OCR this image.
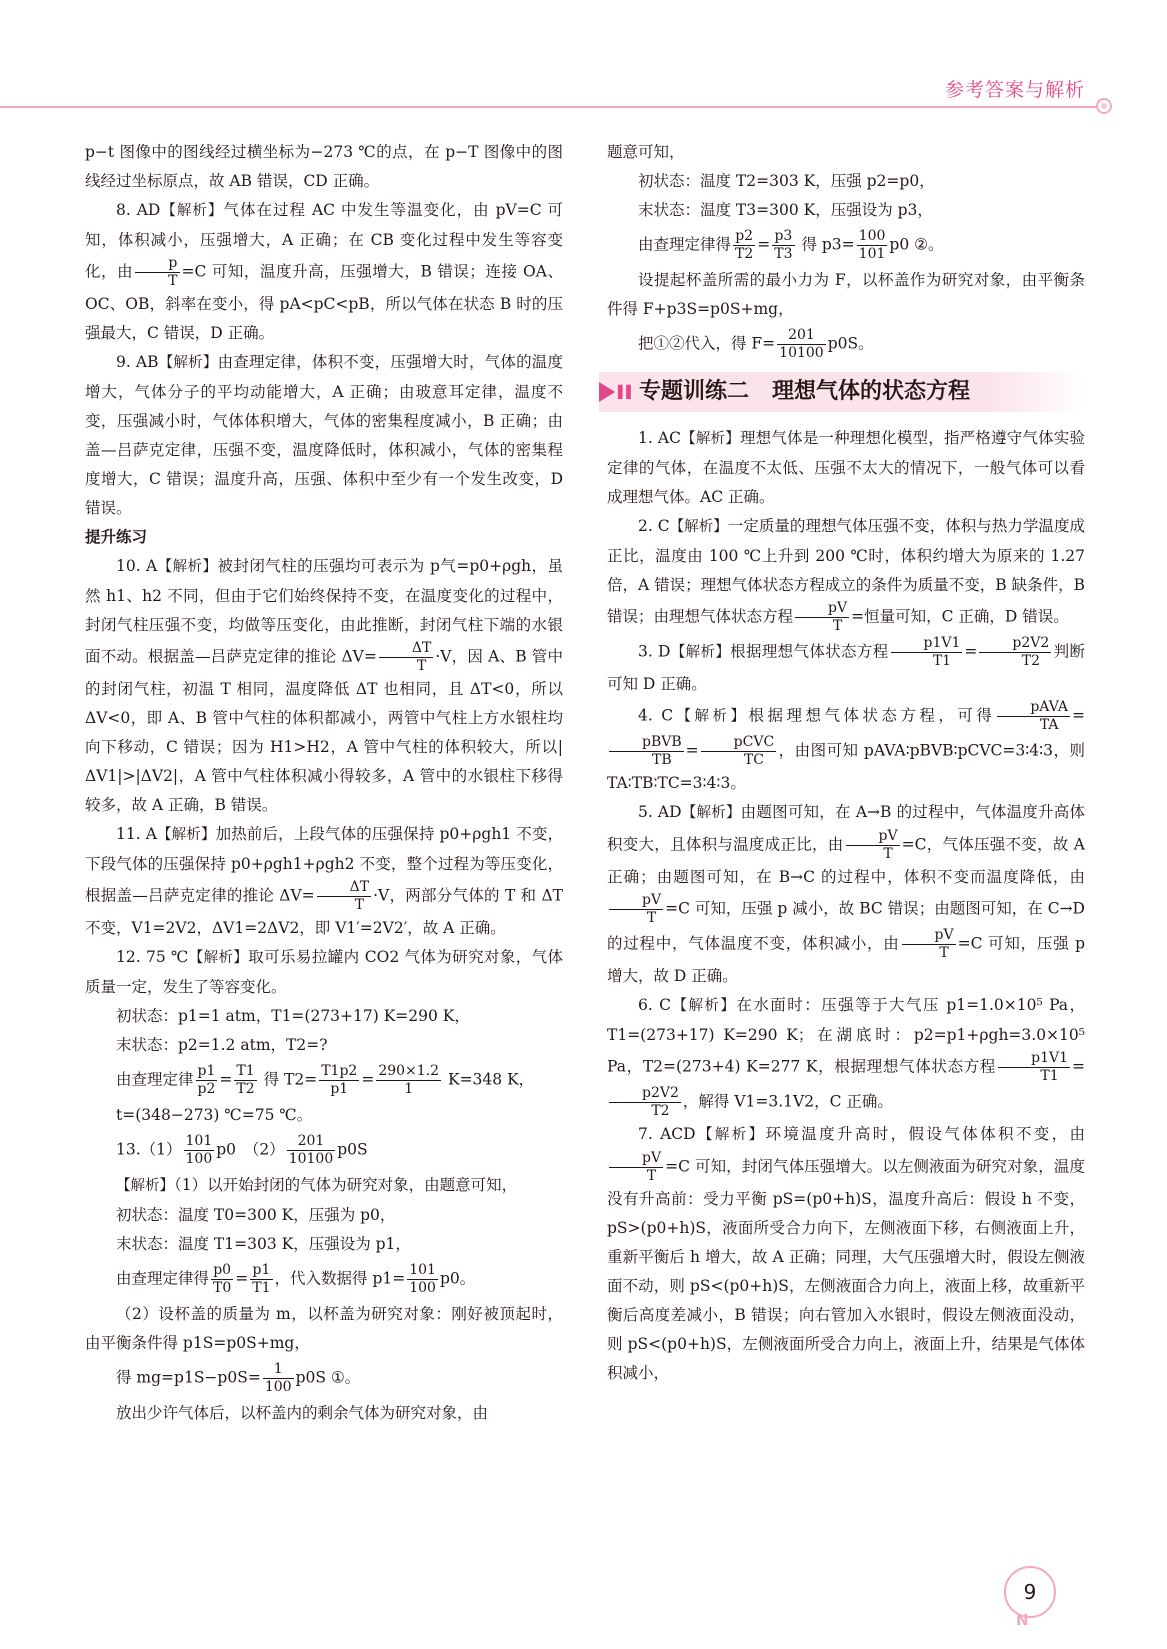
参考答案与解析

p−t 图像中的图线经过横坐标为−273 ℃的点，在 p−T 图像中的图线经过坐标原点，故 AB 错误，CD 正确。

8. AD【解析】气体在过程 AC 中发生等温变化，由 pV=C 可知，体积减小，压强增大，A 正确；在 CB 变化过程中发生等容变化，由 $\frac{p}{T} =C$ 可知，温度升高，压强增大，B 错误；连接 OA、OC、OB，斜率在变小，得 pA<pC<pB，所以气体在状态 B 时的压强最大，C 错误，D 正确。

9. AB【解析】由查理定律，体积不变，压强增大时，气体的温度增大，气体分子的平均动能增大，A 正确；由玻意耳定律，温度不变，压强减小时，气体体积增大，气体的密集程度减小，B 正确；由盖—吕萨克定律，压强不变，温度降低时，体积减小，气体的密集程度增大，C 错误；温度升高，压强、体积中至少有一个发生改变，D 错误。

提升练习

10. A【解析】被封闭气柱的压强均可表示为 p气=p0+ρgh，虽然 h1、h2 不同，但由于它们始终保持不变，在温度变化的过程中，封闭气柱压强不变，均做等压变化，由此推断，封闭气柱下端的水银面不动。根据盖—吕萨克定律的推论 $\Delta V= \frac{\Delta T}{T} \cdot V$，因 A、B 管中的封闭气柱，初温 T 相同，温度降低 ΔT 也相同，且 ΔT<0，所以 ΔV<0，即 A、B 管中气柱的体积都减小，两管中气柱上方水银柱均向下移动，C 错误；因为 H1>H2，A 管中气柱的体积较大，所以|ΔV1|>|ΔV2|，A 管中气柱体积减小得较多，A 管中的水银柱下移得较多，故 A 正确，B 错误。

11. A【解析】加热前后，上段气体的压强保持 p0+ρgh1 不变，下段气体的压强保持 p0+ρgh1+ρgh2 不变，整个过程为等压变化，根据盖—吕萨克定律的推论 $\Delta V= \frac{\Delta T}{T} \cdot V$，两部分气体的 T 和 ΔT 不变，V1=2V2，ΔV1=2ΔV2，即 V1′=2V2′，故 A 正确。

12. 75 ℃【解析】取可乐易拉罐内 CO2 气体为研究对象，气体质量一定，发生了等容变化。

初状态：p1=1 atm，T1=(273+17) K=290 K，

末状态：p2=1.2 atm，T2=?

由查理定律 $\frac{p1}{p2} = \frac{T1}{T2}$ 得 $T2= \frac{T1p2}{p1} = \frac{290\times 1.2}{1} K=348$ K，

t=(348−273) ℃=75 ℃。

$13.(1) \frac{101}{100} p0$　 $(2) \frac{201}{10100} p0S$

【解析】（1）以开始封闭的气体为研究对象，由题意可知，

初状态：温度 T0=300 K，压强为 p0，

末状态：温度 T1=303 K，压强设为 p1，

由查理定律得 $\frac{p0}{T0} = \frac{p1}{T1}$ ，代入数据得 $p1= \frac{101}{100} p0$。

（2）设杯盖的质量为 m，以杯盖为研究对象：刚好被顶起时，由平衡条件得 p1S=p0S+mg，

得 $mg=p1S-p0S= \frac{1}{100} p0S$ ①。

放出少许气体后，以杯盖内的剩余气体为研究对象，由

题意可知，

初状态：温度 T2=303 K，压强 p2=p0，

末状态：温度 T3=300 K，压强设为 p3，

由查理定律得 $\frac{p2}{T2} = \frac{p3}{T3}$ 得 $p3= \frac{100}{101} p0$ ②。

设提起杯盖所需的最小力为 F，以杯盖作为研究对象，由平衡条件得 F+p3S=p0S+mg，

把①②代入，得 $F= \frac{201}{10100} p0S$。

▌▌ 专题训练二   理想气体的状态方程

1. AC【解析】理想气体是一种理想化模型，指严格遵守气体实验定律的气体，在温度不太低、压强不太大的情况下，一般气体可以看成理想气体。AC 正确。

2. C【解析】一定质量的理想气体压强不变，体积与热力学温度成正比，温度由 100 ℃上升到 200 ℃时，体积约增大为原来的 1.27 倍，A 错误；理想气体状态方程成立的条件为质量不变，B 缺条件，B 错误；由理想气体状态方程 $\frac{pV}{T}$ =恒量可知，C 正确，D 错误。

3. D【解析】根据理想气体状态方程 $\frac{p1V1}{T1} = \frac{p2V2}{T2}$ 判断可知 D 正确。

4. C【解析】根据理想气体状态方程，可得 $\frac{\text{pAVA}}{TA}$ =
$\frac{\text{pBVB}}{TB} = \frac{\text{pCVC}}{TC}$ ，由图可知 pAVA∶pBVB∶pCVC=3∶4∶3，则 TA∶TB∶TC=3∶4∶3。

5. AD【解析】由题图可知，在 A→B 的过程中，气体温度升高体积变大，且体积与温度成正比，由 $\frac{pV}{T} =C$，气体压强不变，故 A 正确；由题图可知，在 B→C 的过程中，体积不变而温度降低，由
$\frac{pV}{T} =C$ 可知，压强 p 减小，故 BC 错误；由题图可知，在 C→D 的过程中，气体温度不变，体积减小，由 $\frac{pV}{T} =C$ 可知，压强 p 增大，故 D 正确。

6. C【解析】在水面时：压强等于大气压 p1=1.0×10⁵ Pa，T1=(273+17) K=290 K；在湖底时：p2=p1+ρgh=3.0×10⁵ Pa，T2=(273+4) K=277 K，根据理想气体状态方程 $\frac{p1V1}{T1}$ =
$\frac{p2V2}{T2}$ ，解得 V1=3.1V2，C 正确。

7. ACD【解析】环境温度升高时，假设气体体积不变，由
$\frac{pV}{T} =C$ 可知，封闭气体压强增大。以左侧液面为研究对象，温度没有升高前：受力平衡 pS=(p0+h)S，温度升高后：假设 h 不变，pS>(p0+h)S，液面所受合力向下，左侧液面下移，右侧液面上升，重新平衡后 h 增大，故 A 正确；同理，大气压强增大时，假设左侧液面不动，则 pS<(p0+h)S，左侧液面合力向上，液面上移，故重新平衡后高度差减小，B 错误；向右管加入水银时，假设左侧液面没动，则 pS<(p0+h)S，左侧液面所受合力向上，液面上升，结果是气体体积减小，

9
N
